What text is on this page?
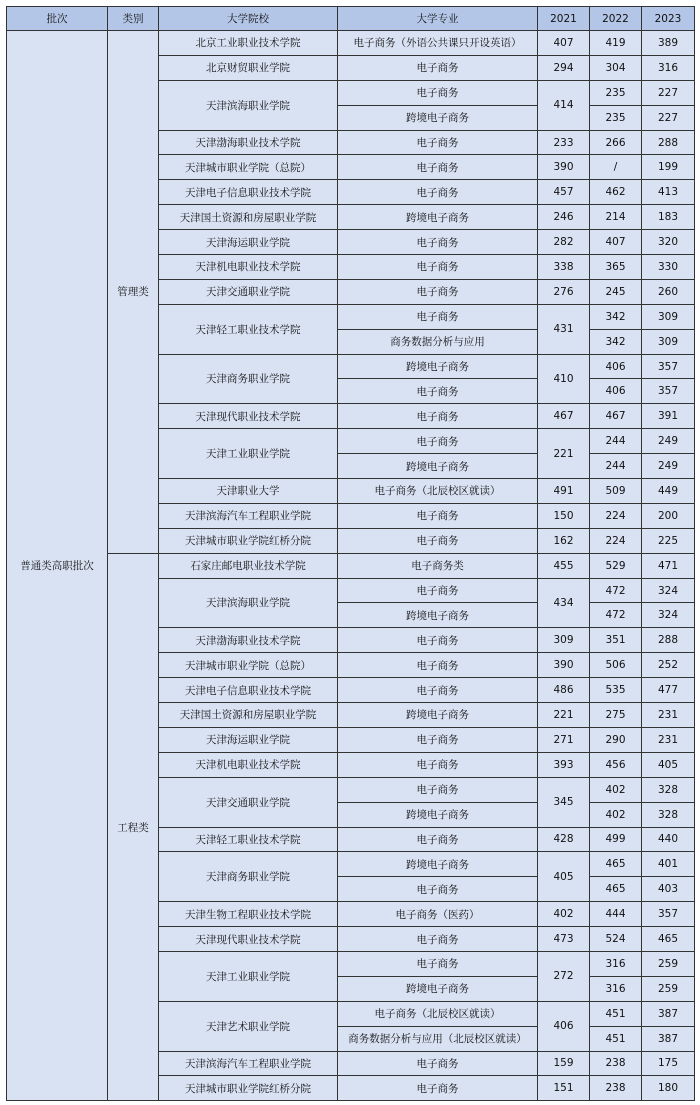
批次	类别	大学院校	大学专业	2021	2022	2023
普通类高职批次	管理类	北京工业职业技术学院	电子商务（外语公共课只开设英语）	407	419	389
		北京财贸职业学院	电子商务	294	304	316
		天津滨海职业学院	电子商务	414	235	227
			跨境电子商务		235	227
		天津渤海职业技术学院	电子商务	233	266	288
		天津城市职业学院（总院）	电子商务	390	/	199
		天津电子信息职业技术学院	电子商务	457	462	413
		天津国土资源和房屋职业学院	跨境电子商务	246	214	183
		天津海运职业学院	电子商务	282	407	320
		天津机电职业技术学院	电子商务	338	365	330
		天津交通职业学院	电子商务	276	245	260
		天津轻工职业技术学院	电子商务	431	342	309
			商务数据分析与应用		342	309
		天津商务职业学院	跨境电子商务	410	406	357
			电子商务		406	357
		天津现代职业技术学院	电子商务	467	467	391
		天津工业职业学院	电子商务	221	244	249
			跨境电子商务		244	249
		天津职业大学	电子商务（北辰校区就读）	491	509	449
		天津滨海汽车工程职业学院	电子商务	150	224	200
		天津城市职业学院红桥分院	电子商务	162	224	225
	工程类	石家庄邮电职业技术学院	电子商务类	455	529	471
		天津滨海职业学院	电子商务	434	472	324
			跨境电子商务		472	324
		天津渤海职业技术学院	电子商务	309	351	288
		天津城市职业学院（总院）	电子商务	390	506	252
		天津电子信息职业技术学院	电子商务	486	535	477
		天津国土资源和房屋职业学院	跨境电子商务	221	275	231
		天津海运职业学院	电子商务	271	290	231
		天津机电职业技术学院	电子商务	393	456	405
		天津交通职业学院	电子商务	345	402	328
			跨境电子商务		402	328
		天津轻工职业技术学院	电子商务	428	499	440
		天津商务职业学院	跨境电子商务	405	465	401
			电子商务		465	403
		天津生物工程职业技术学院	电子商务（医药）	402	444	357
		天津现代职业技术学院	电子商务	473	524	465
		天津工业职业学院	电子商务	272	316	259
			跨境电子商务		316	259
		天津艺术职业学院	电子商务（北辰校区就读）	406	451	387
			商务数据分析与应用（北辰校区就读）		451	387
		天津滨海汽车工程职业学院	电子商务	159	238	175
		天津城市职业学院红桥分院	电子商务	151	238	180
